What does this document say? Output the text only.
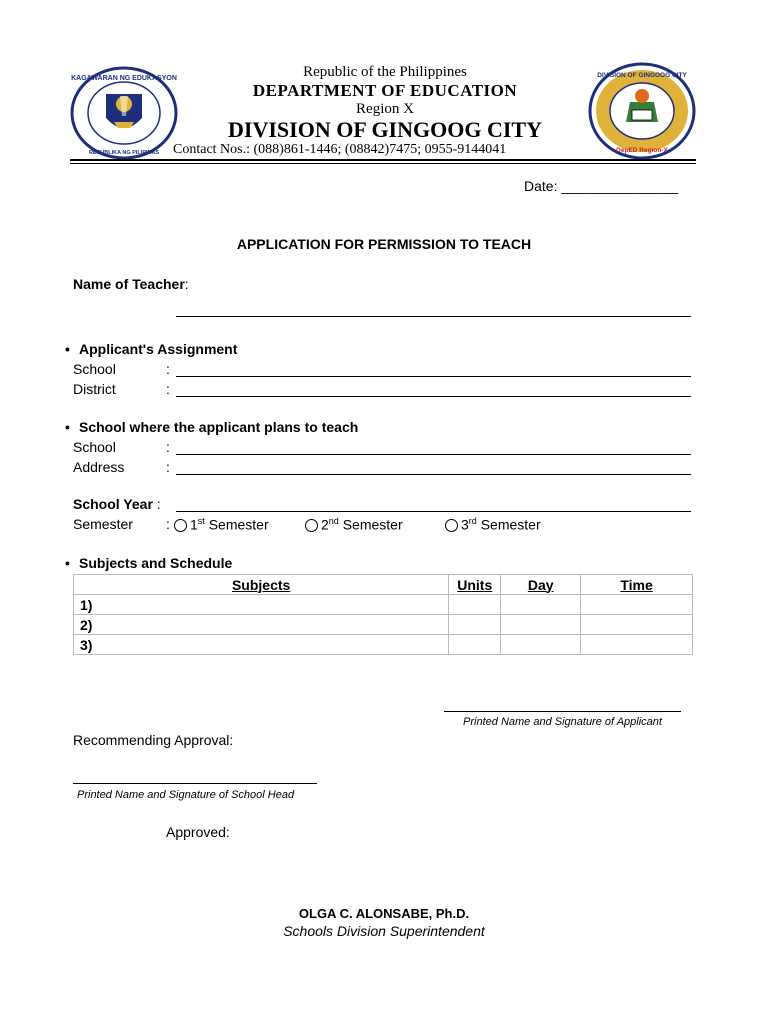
KAGAWARAN NG EDUKASYON
REPUBLIKA NG PILIPINAS
DIVISION OF GINGOOG CITY
DepED Region-X
Republic of the Philippines
DEPARTMENT OF EDUCATION
Region X
DIVISION OF GINGOOG CITY
Contact Nos.: (088)861-1446; (08842)7475; 0955-9144041
Date: _______________
APPLICATION FOR PERMISSION TO TEACH
Name of Teacher:
• Applicant's Assignment
School	:
District	:
• School where the applicant plans to teach
School	:
Address	:
School Year :
Semester :	1st Semester	2nd Semester	3rd Semester
• Subjects and Schedule
Subjects	Units	Day	Time
1)			
2)			
3)			
Printed Name and Signature of Applicant
Recommending Approval:
Printed Name and Signature of School Head
Approved:
OLGA C. ALONSABE, Ph.D.
Schools Division Superintendent
